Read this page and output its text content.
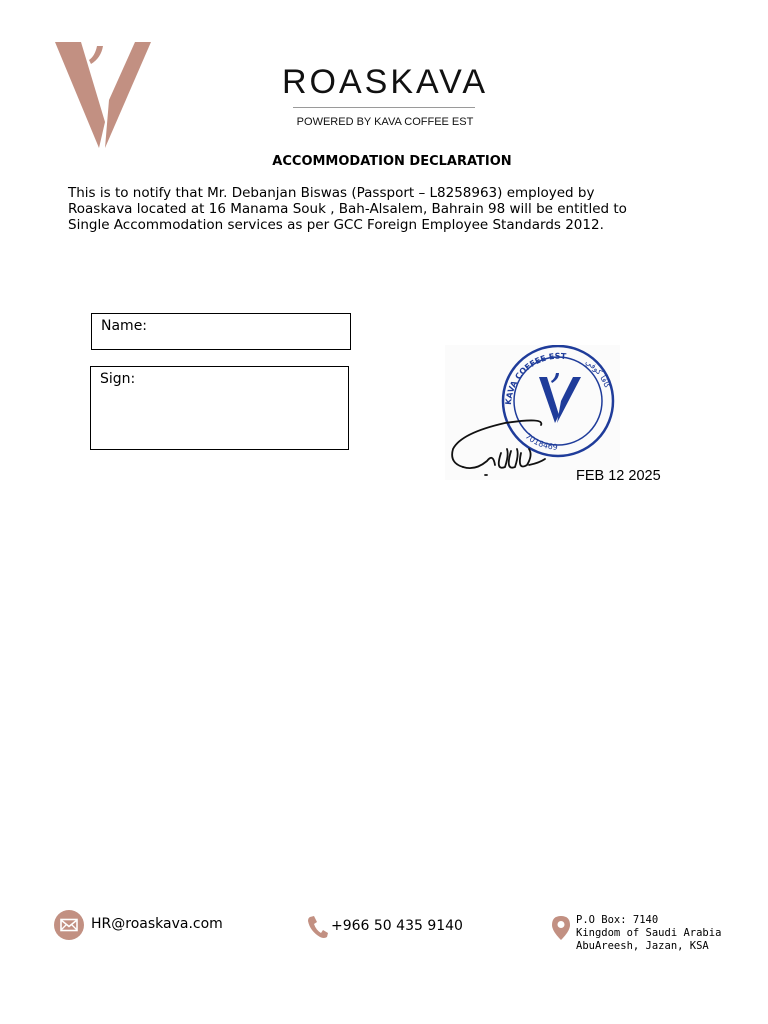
ROASKAVA
POWERED BY KAVA COFFEE EST
ACCOMMODATION DECLARATION
This is to notify that Mr. Debanjan Biswas (Passport – L8258963) employed by
Roaskava located at 16 Manama Souk , Bah-Alsalem, Bahrain 98 will be entitled to
Single Accommodation services as per GCC Foreign Employee Standards 2012.
Name:
Sign:
KAVA COFFEE EST
7018469
كافا كوفي
FEB 12 2025
HR@roaskava.com	+966 50 435 9140	P.O Box: 7140
Kingdom of Saudi Arabia
AbuAreesh, Jazan, KSA
